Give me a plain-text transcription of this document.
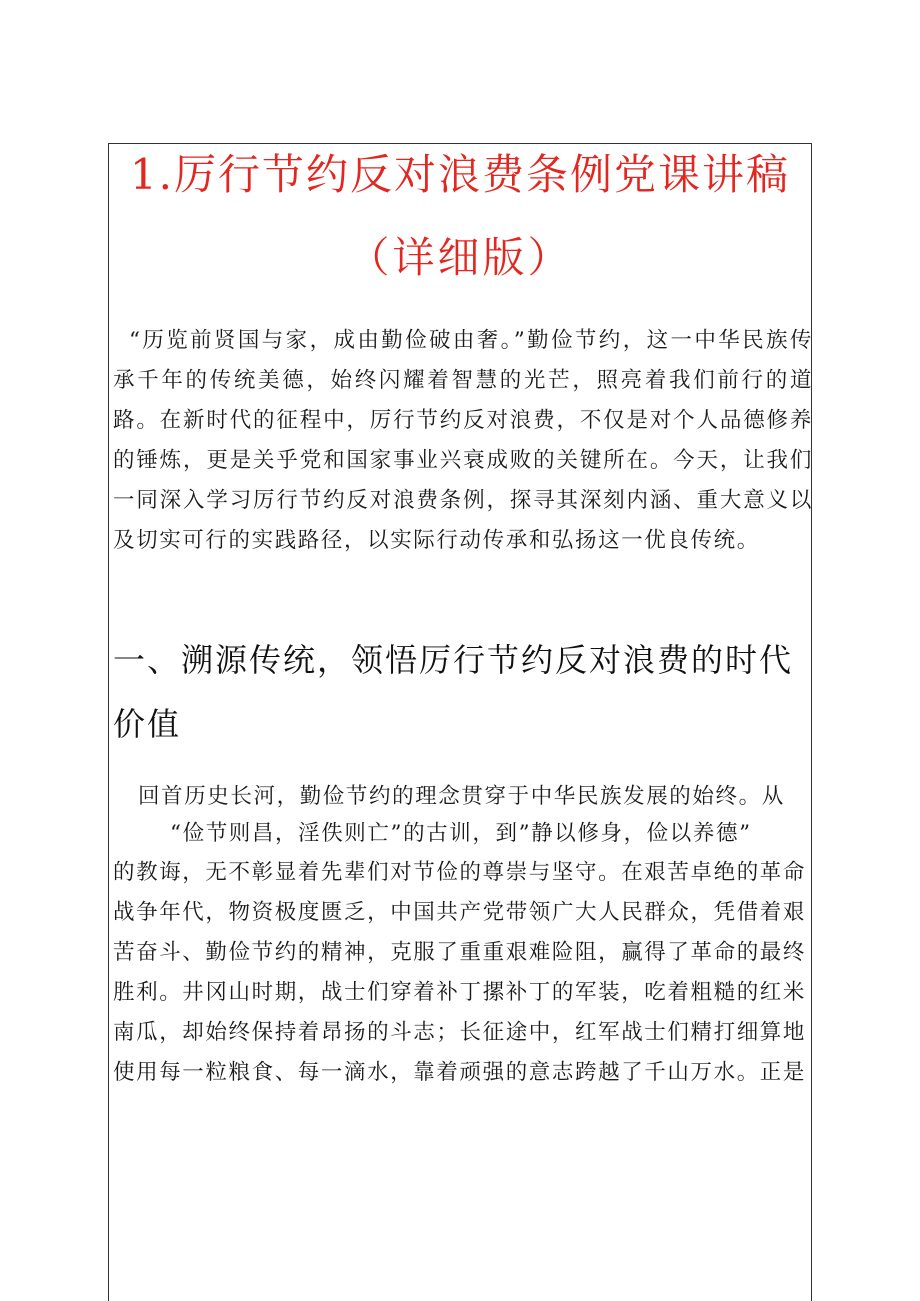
1.厉行节约反对浪费条例党课讲稿
（详细版）

“历览前贤国与家，成由勤俭破由奢。”勤俭节约，这一中华民族传承千年的传统美德，始终闪耀着智慧的光芒，照亮着我们前行的道路。在新时代的征程中，厉行节约反对浪费，不仅是对个人品德修养的锤炼，更是关乎党和国家事业兴衰成败的关键所在。今天，让我们一同深入学习厉行节约反对浪费条例，探寻其深刻内涵、重大意义以及切实可行的实践路径，以实际行动传承和弘扬这一优良传统。

一、溯源传统，领悟厉行节约反对浪费的时代价值

回首历史长河，勤俭节约的理念贯穿于中华民族发展的始终。从

“俭节则昌，淫佚则亡”的古训，到”静以修身，俭以养德”

的教诲，无不彰显着先辈们对节俭的尊崇与坚守。在艰苦卓绝的革命

战争年代，物资极度匮乏，中国共产党带领广大人民群众，凭借着艰

苦奋斗、勤俭节约的精神，克服了重重艰难险阻，赢得了革命的最终

胜利。井冈山时期，战士们穿着补丁摞补丁的军装，吃着粗糙的红米

南瓜，却始终保持着昂扬的斗志；长征途中，红军战士们精打细算地

使用每一粒粮食、每一滴水，靠着顽强的意志跨越了千山万水。正是
